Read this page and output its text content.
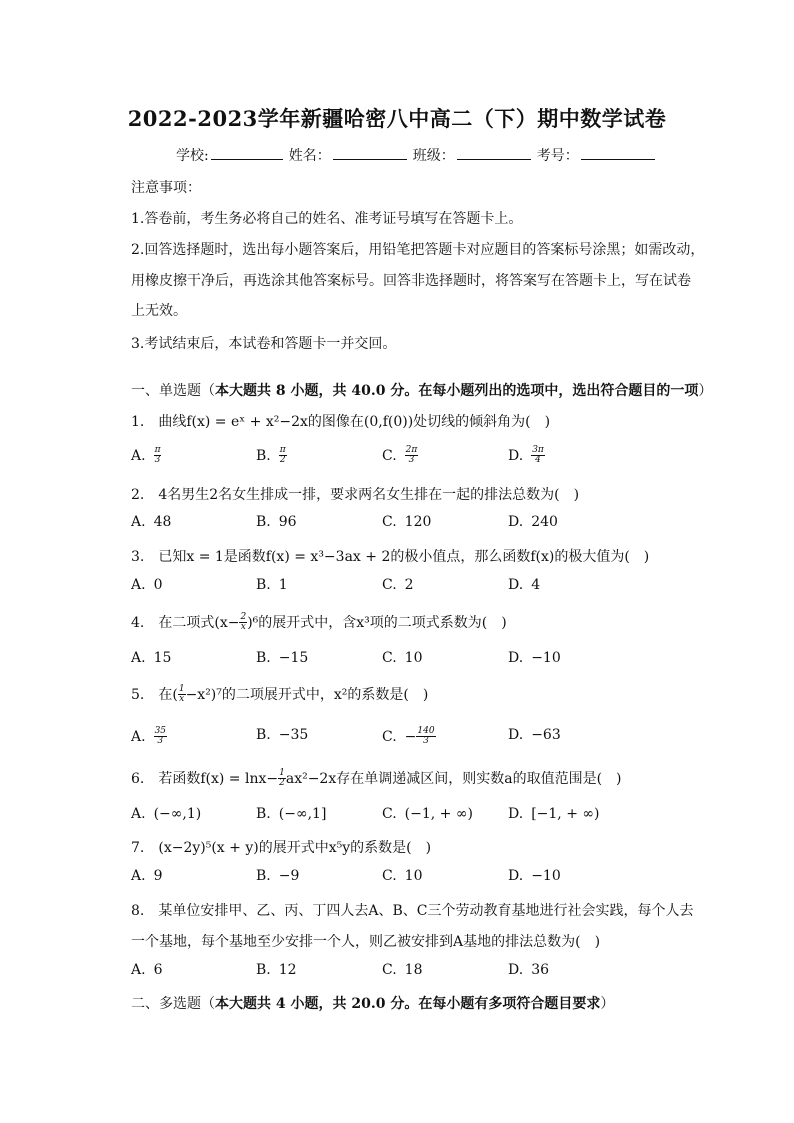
2022-2023学年新疆哈密八中高二（下）期中数学试卷
学校:	姓名：	班级：	考号：
注意事项：
1.答卷前，考生务必将自己的姓名、准考证号填写在答题卡上。
2.回答选择题时，选出每小题答案后，用铅笔把答题卡对应题目的答案标号涂黑；如需改动，
用橡皮擦干净后，再选涂其他答案标号。回答非选择题时，将答案写在答题卡上，写在试卷
上无效。
3.考试结束后，本试卷和答题卡一并交回。
一、单选题（本大题共 8 小题，共 40.0 分。在每小题列出的选项中，选出符合题目的一项）
1.　曲线f(x) = eˣ + x²−2x的图像在(0,f(0))处切线的倾斜角为(　)
A. $\frac{\pi}{3}$	B. $\frac{\pi}{2}$	C. $\frac{2\pi}{3}$	D. $\frac{3\pi}{4}$
2.　4名男生2名女生排成一排，要求两名女生排在一起的排法总数为(　)
A. 48	B. 96	C. 120	D. 240
3.　已知x = 1是函数f(x) = x³−3ax + 2的极小值点，那么函数f(x)的极大值为(　)
A. 0	B. 1	C. 2	D. 4
4.　在二项式$(x- \frac{2}{x} )^6$的展开式中，含x³项的二项式系数为(　)
A. 15	B. −15	C. 10	D. −10
5.　在( $\frac{1}{x} -x^2)^7$的二项展开式中，x²的系数是(　)
A. $\frac{35}{3}$	B. −35	C. − $\frac{140}{3}$	D. −63
6.　若函数$f(x) = \ln x- \frac{1}{2} ax^2-2x$存在单调递减区间，则实数a的取值范围是(　)
A. (−∞,1)	B. (−∞,1]	C. (−1, + ∞)	D. [−1, + ∞)
7.　(x−2y)⁵(x + y)的展开式中x⁵y的系数是(　)
A. 9	B. −9	C. 10	D. −10
8.　某单位安排甲、乙、丙、丁四人去A、B、C三个劳动教育基地进行社会实践，每个人去
一个基地，每个基地至少安排一个人，则乙被安排到A基地的排法总数为(　)
A. 6	B. 12	C. 18	D. 36
二、多选题（本大题共 4 小题，共 20.0 分。在每小题有多项符合题目要求）
